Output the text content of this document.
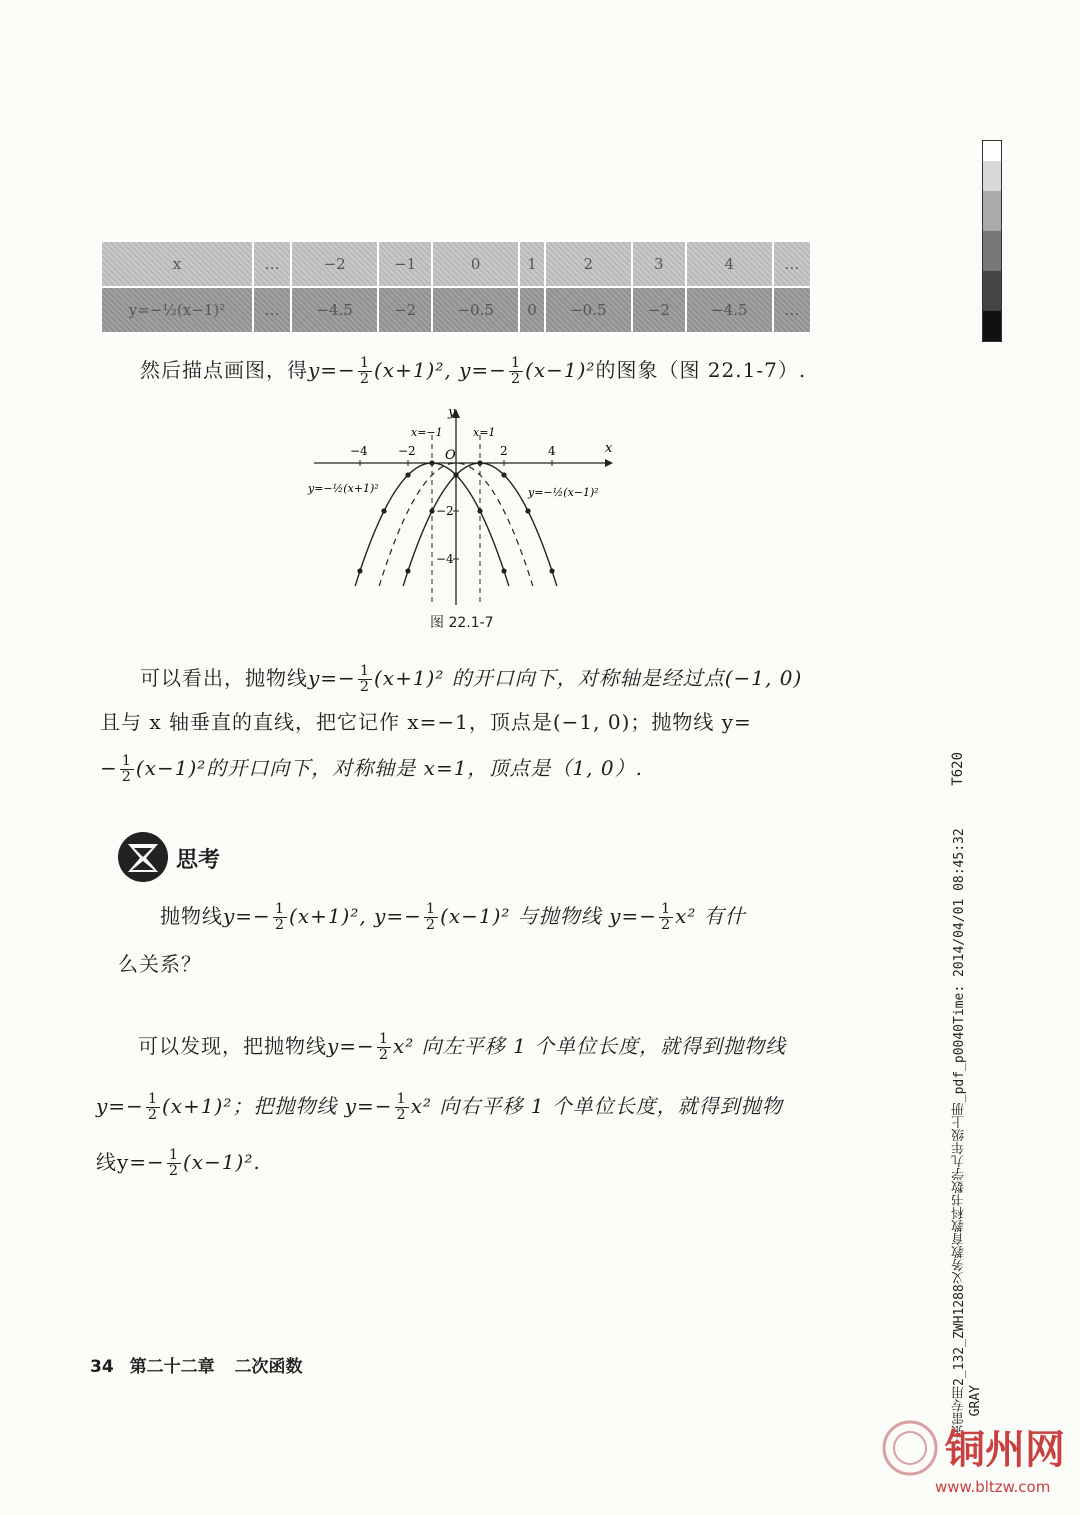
x	…	−2	−1	0	1	2	3	4	…
y=−½(x−1)²	…	−4.5	−2	−0.5	0	−0.5	−2	−4.5	…
然后描点画图，得$y=- \frac{1}{2} (x+1)^2$, $y=- \frac{1}{2} (x-1)^2$的图象（图 22.1-7）.
x
y
O
−4	−2	2	4
−2
−4
x=−1	x=1
y=−½(x+1)²	y=−½(x−1)²
图 22.1-7
可以看出，抛物线$y=- \frac{1}{2} (x+1)^2$ 的开口向下，对称轴是经过点(−1, 0)
且与 x 轴垂直的直线，把它记作 x=−1，顶点是(−1, 0)；抛物线 y=
− $\frac{1}{2} (x-1)^2$的开口向下，对称轴是 x=1，顶点是（1, 0）.
思考
抛物线$y=- \frac{1}{2} (x+1)^2$, $y=- \frac{1}{2} (x-1)^2$ 与抛物线 $y=- \frac{1}{2} x^2$ 有什
么关系？
可以发现，把抛物线$y=- \frac{1}{2} x^2$ 向左平移 1 个单位长度，就得到抛物线
$y=- \frac{1}{2} (x+1)^2$；把抛物线 $y=- \frac{1}{2} x^2$ 向右平移 1 个单位长度，就得到抛物
线$y=- \frac{1}{2} (x-1)^2$.
34 第二十二章 二次函数
T620
张雷专用2_132_ZWH1288义务教育教科书数学九年级上册_pdf_p0040Time: 2014/04/01 08:45:32 GRAY
铜州网
www.bltzw.com
